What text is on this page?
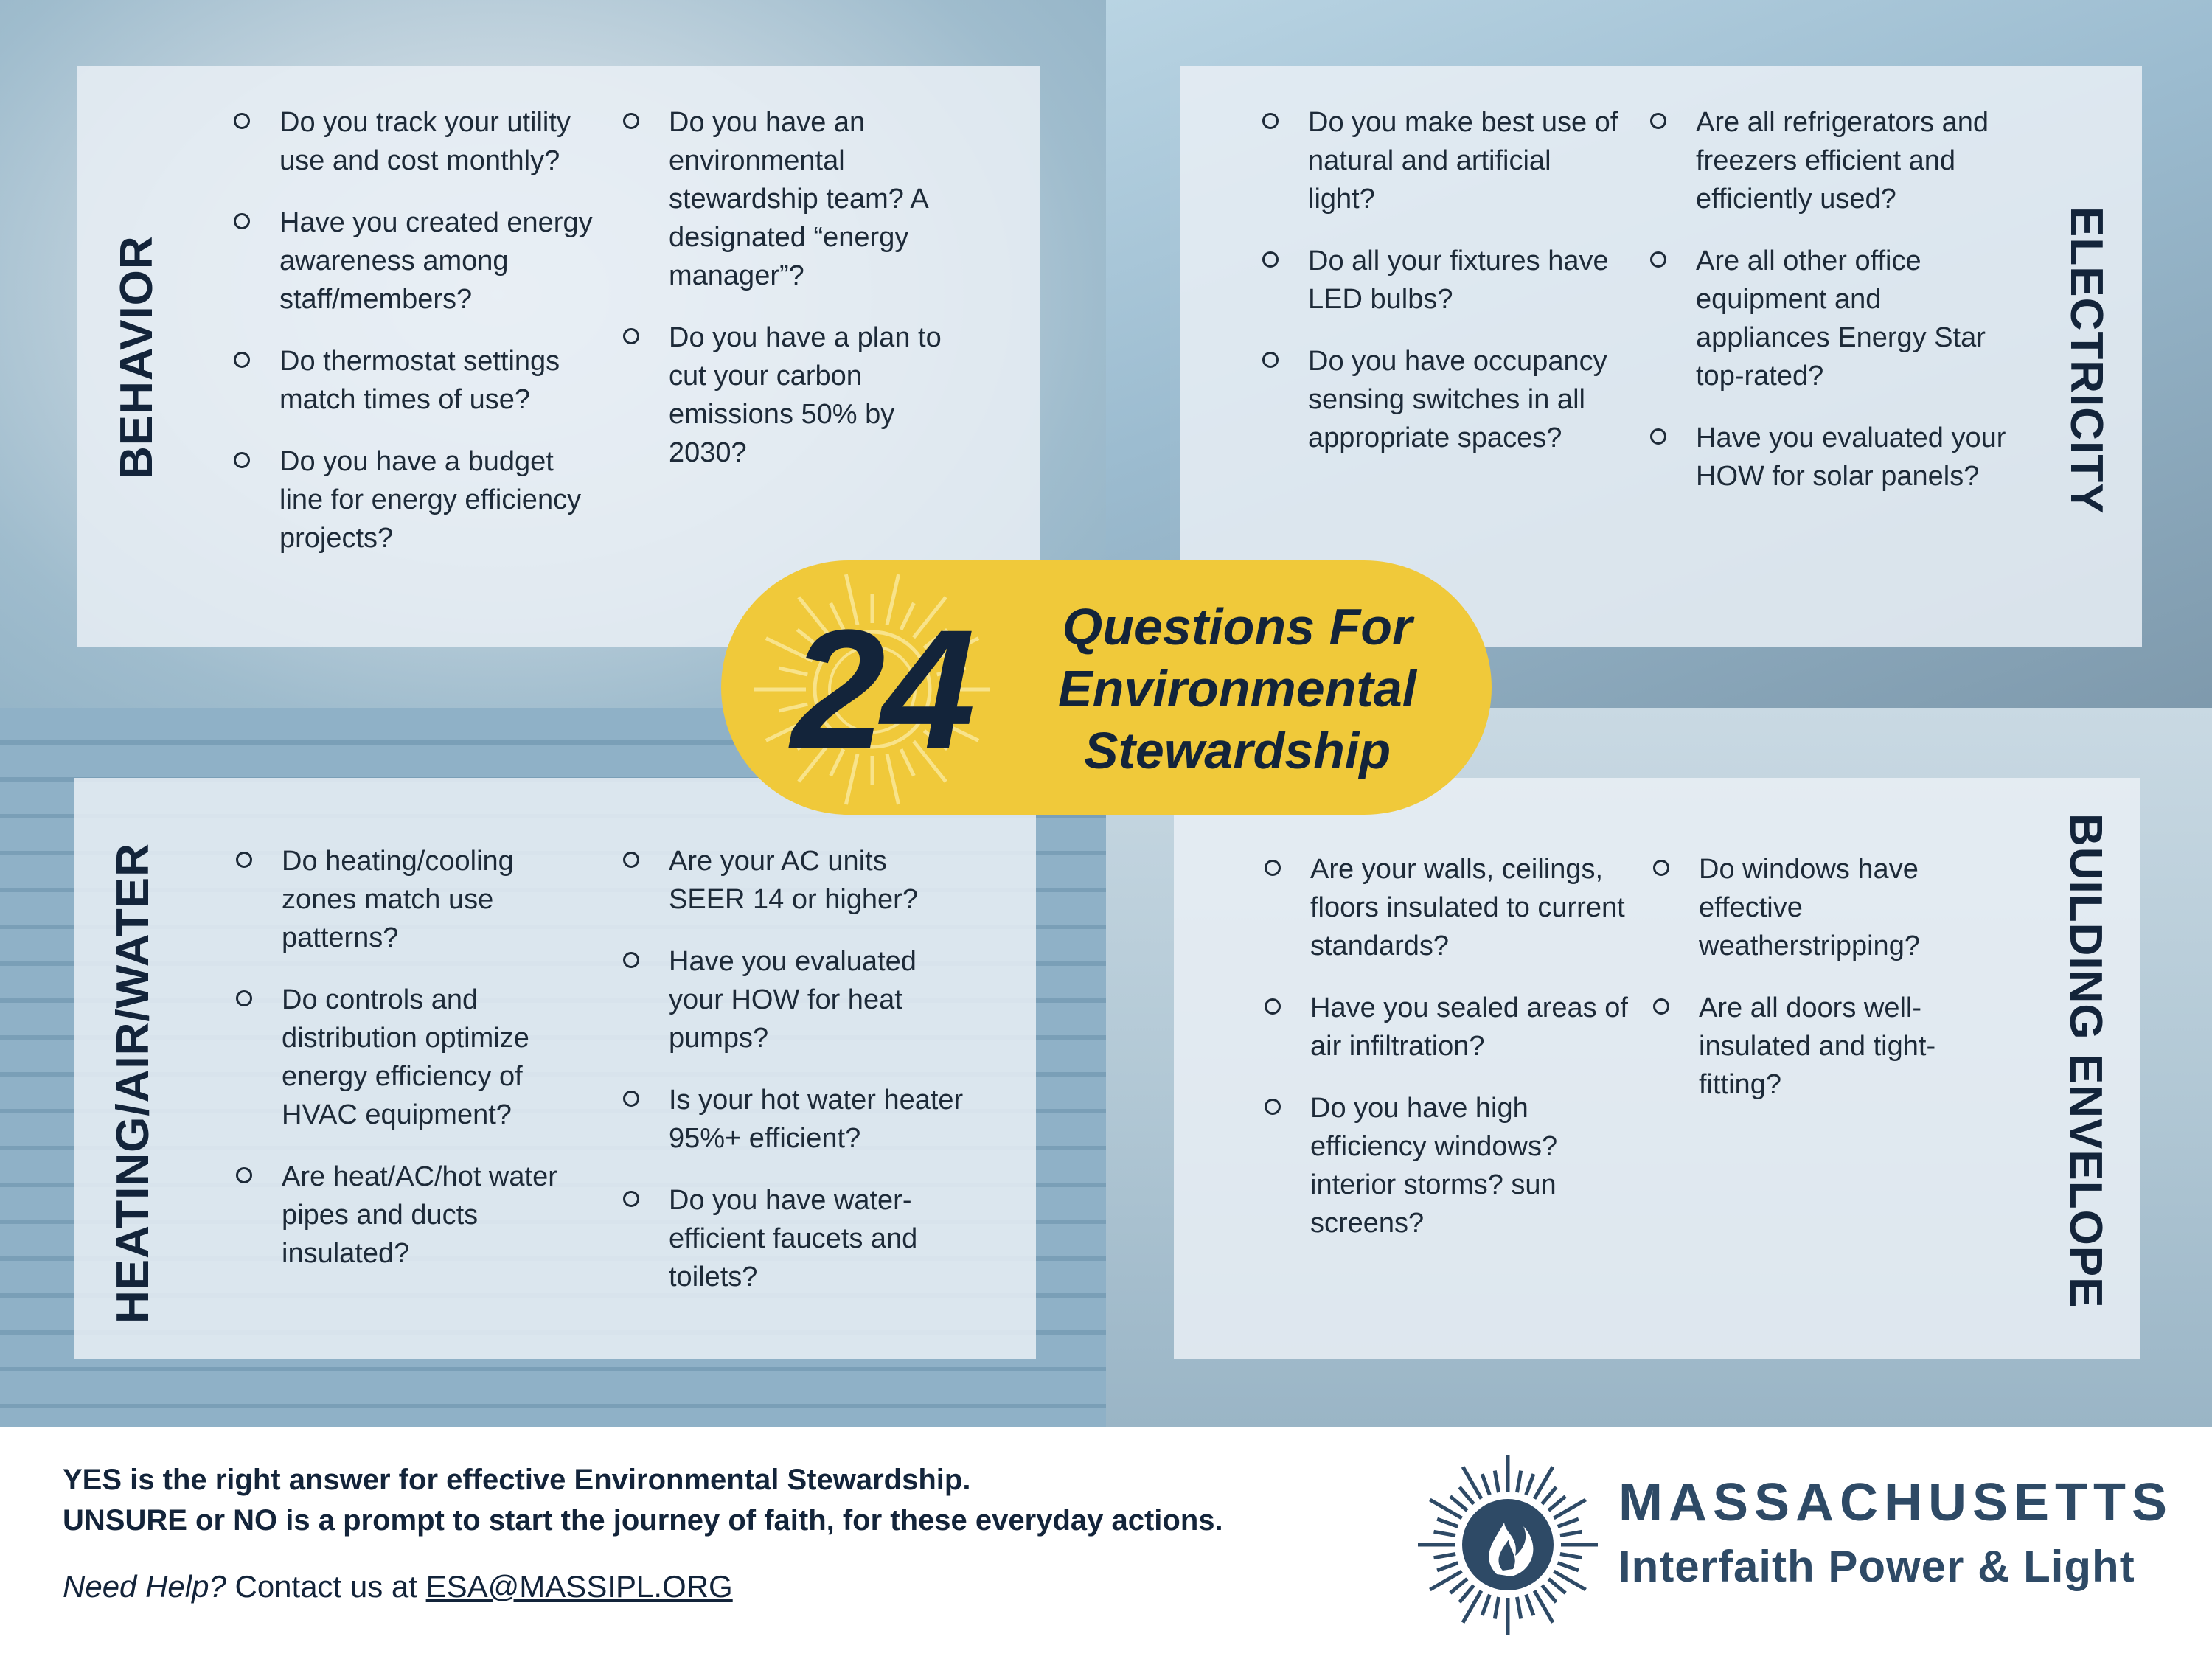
BEHAVIOR
Do you track your utility use and cost monthly?
Have you created energy awareness among staff/members?
Do thermostat settings match times of use?
Do you have a budget line for energy efficiency projects?
Do you have an environmental stewardship team? A designated “energy manager”?
Do you have a plan to cut your carbon emissions 50% by 2030?	ELECTRICITY
Do you make best use of natural and artificial light?
Do all your fixtures have LED bulbs?
Do you have occupancy sensing switches in all appropriate spaces?
Are all refrigerators and freezers efficient and efficiently used?
Are all other office equipment and appliances Energy Star top-rated?
Have you evaluated your HOW for solar panels?
HEATING/AIR/WATER	Do heating/cooling zones match use patterns?
Do controls and distribution optimize energy efficiency of HVAC equipment?
Are heat/AC/hot water pipes and ducts insulated?
Are your AC units SEER 14 or higher?
Have you evaluated your HOW for heat pumps?
Is your hot water heater 95%+ efficient?
Do you have water-efficient faucets and toilets?	BUILDING ENVELOPE
Are your walls, ceilings, floors insulated to current standards?
Have you sealed areas of air infiltration?
Do you have high efficiency windows? interior storms? sun screens?
Do windows have effective weatherstripping?
Are all doors well-insulated and tight-fitting?
24	Questions For
Environmental
Stewardship
YES is the right answer for effective Environmental Stewardship.
UNSURE or NO is a prompt to start the journey of faith, for these everyday actions.
Need Help? Contact us at ESA@MASSIPL.ORG
MASSACHUSETTS
Interfaith Power & Light
